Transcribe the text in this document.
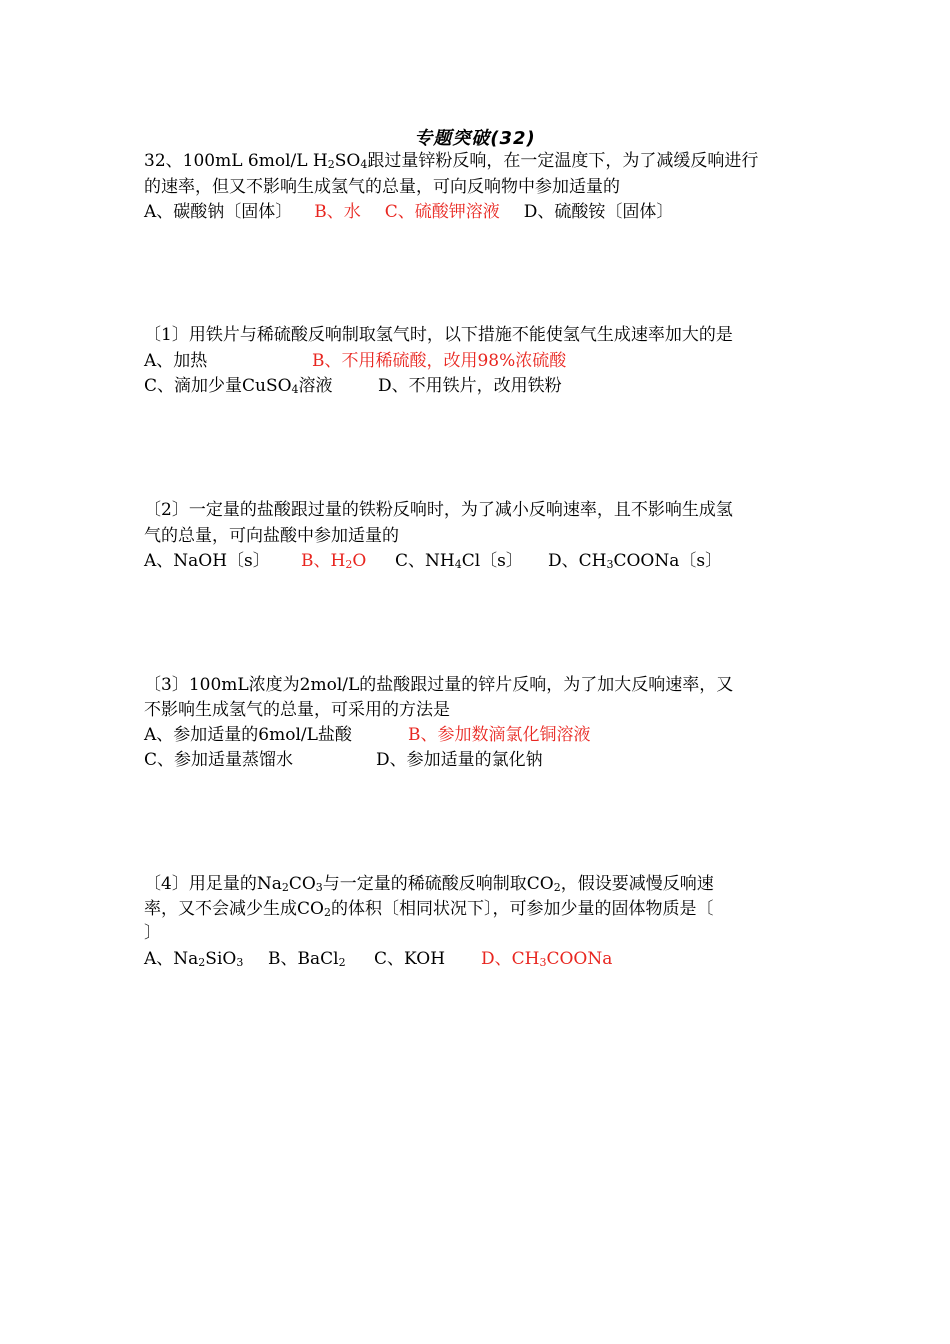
专题突破(32)
32、100mL 6mol/L $H_2SO_4$跟过量锌粉反响，在一定温度下，为了减缓反响进行
的速率，但又不影响生成氢气的总量，可向反响物中参加适量的
A、碳酸钠〔固体〕 B、水 C、硫酸钾溶液 D、硫酸铵〔固体〕
〔1〕用铁片与稀硫酸反响制取氢气时，以下措施不能使氢气生成速率加大的是
A、加热	B、不用稀硫酸，改用98%浓硫酸
C、滴加少量CuSO$_4$溶液	D、不用铁片，改用铁粉
〔2〕一定量的盐酸跟过量的铁粉反响时，为了减小反响速率，且不影响生成氢
气的总量，可向盐酸中参加适量的
A、NaOH〔s〕 B、$H_2O$ C、$NH_4Cl$〔s〕 D、$CH_3COONa$〔s〕
〔3〕100mL浓度为2mol/L的盐酸跟过量的锌片反响，为了加大反响速率，又
不影响生成氢气的总量，可采用的方法是
A、参加适量的6mol/L盐酸	B、参加数滴氯化铜溶液
C、参加适量蒸馏水	D、参加适量的氯化钠
〔4〕用足量的$Na_2CO_3$与一定量的稀硫酸反响制取$CO_2$，假设要减慢反响速
率，又不会减少生成$CO_2$的体积〔相同状况下〕，可参加少量的固体物质是〔
〕
A、$Na_2SiO_3$ B、BaCl$_2$ C、KOH D、$CH_3COONa$
